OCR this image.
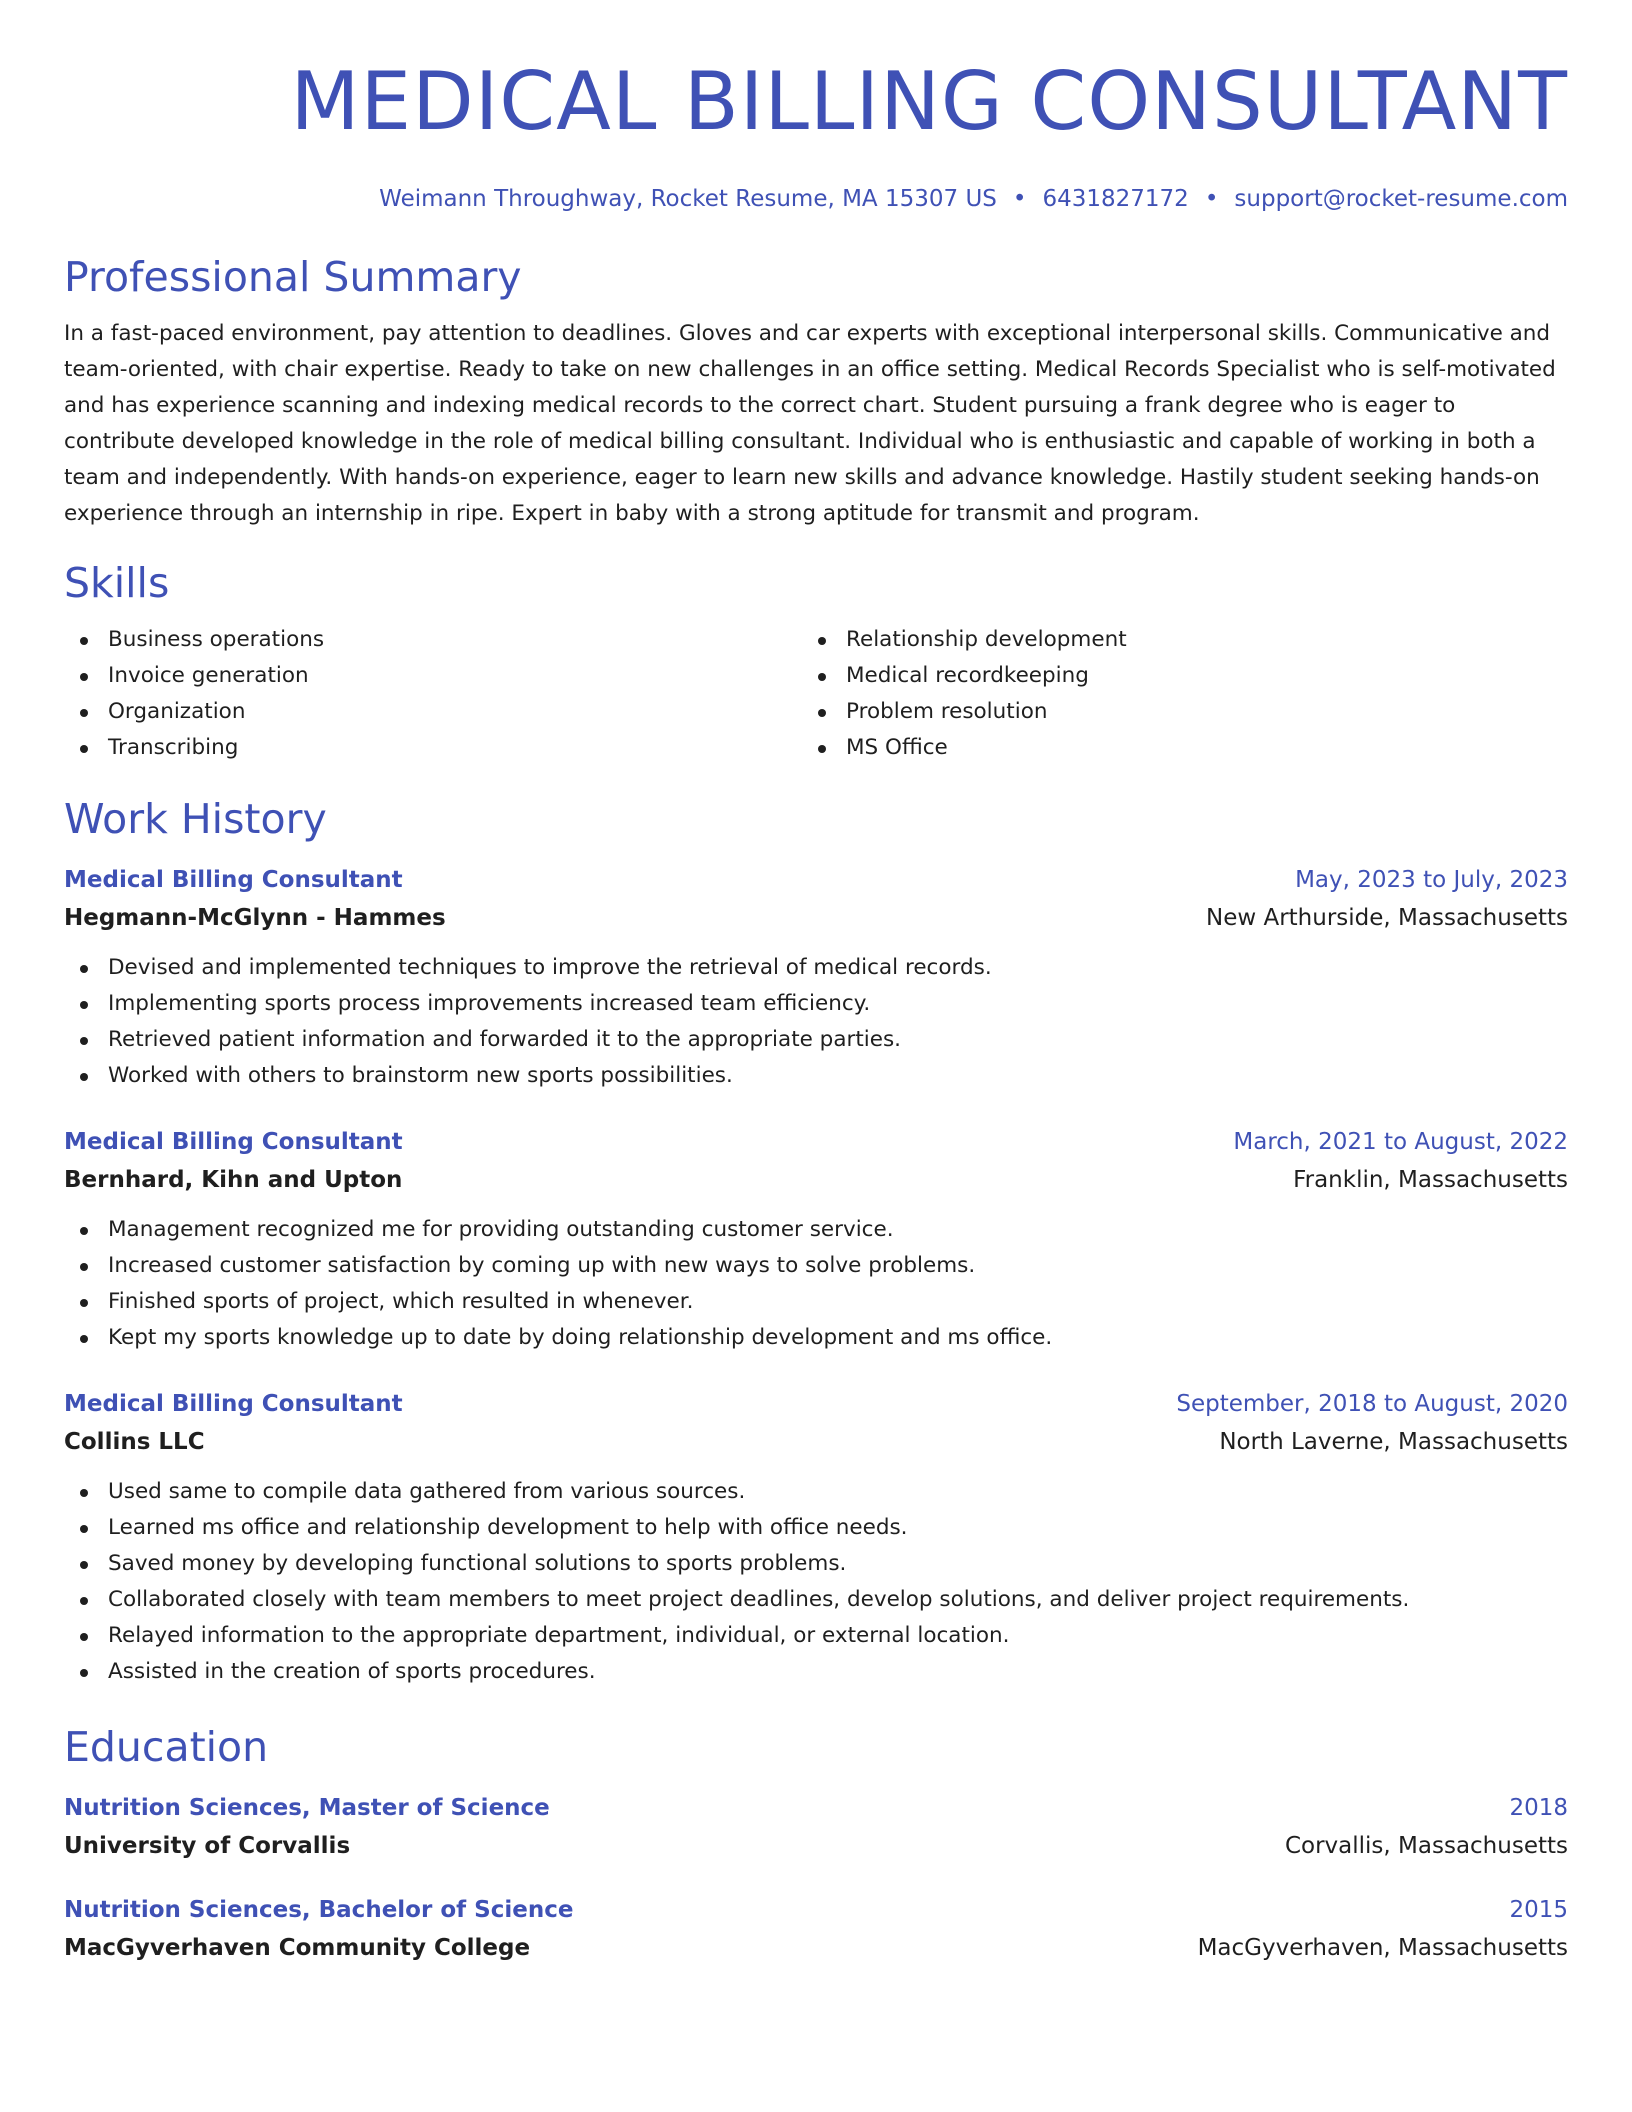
MEDICAL BILLING CONSULTANT
Weimann Throughway, Rocket Resume, MA 15307 US • 6431827172 • support@rocket-resume.com
Professional Summary

In a fast-paced environment, pay attention to deadlines. Gloves and car experts with exceptional interpersonal skills. Communicative and team-oriented, with chair expertise. Ready to take on new challenges in an office setting. Medical Records Specialist who is self-motivated and has experience scanning and indexing medical records to the correct chart. Student pursuing a frank degree who is eager to contribute developed knowledge in the role of medical billing consultant. Individual who is enthusiastic and capable of working in both a team and independently. With hands-on experience, eager to learn new skills and advance knowledge. Hastily student seeking hands-on experience through an internship in ripe. Expert in baby with a strong aptitude for transmit and program.

Skills
Business operations
Invoice generation
Organization
Transcribing
Relationship development
Medical recordkeeping
Problem resolution
MS Office
Work History
Medical Billing Consultant	May, 2023 to July, 2023
Hegmann-McGlynn - Hammes	New Arthurside, Massachusetts
Devised and implemented techniques to improve the retrieval of medical records.
Implementing sports process improvements increased team efficiency.
Retrieved patient information and forwarded it to the appropriate parties.
Worked with others to brainstorm new sports possibilities.
Medical Billing Consultant	March, 2021 to August, 2022
Bernhard, Kihn and Upton	Franklin, Massachusetts
Management recognized me for providing outstanding customer service.
Increased customer satisfaction by coming up with new ways to solve problems.
Finished sports of project, which resulted in whenever.
Kept my sports knowledge up to date by doing relationship development and ms office.
Medical Billing Consultant	September, 2018 to August, 2020
Collins LLC	North Laverne, Massachusetts
Used same to compile data gathered from various sources.
Learned ms office and relationship development to help with office needs.
Saved money by developing functional solutions to sports problems.
Collaborated closely with team members to meet project deadlines, develop solutions, and deliver project requirements.
Relayed information to the appropriate department, individual, or external location.
Assisted in the creation of sports procedures.
Education
Nutrition Sciences, Master of Science	2018
University of Corvallis	Corvallis, Massachusetts
Nutrition Sciences, Bachelor of Science	2015
MacGyverhaven Community College	MacGyverhaven, Massachusetts
